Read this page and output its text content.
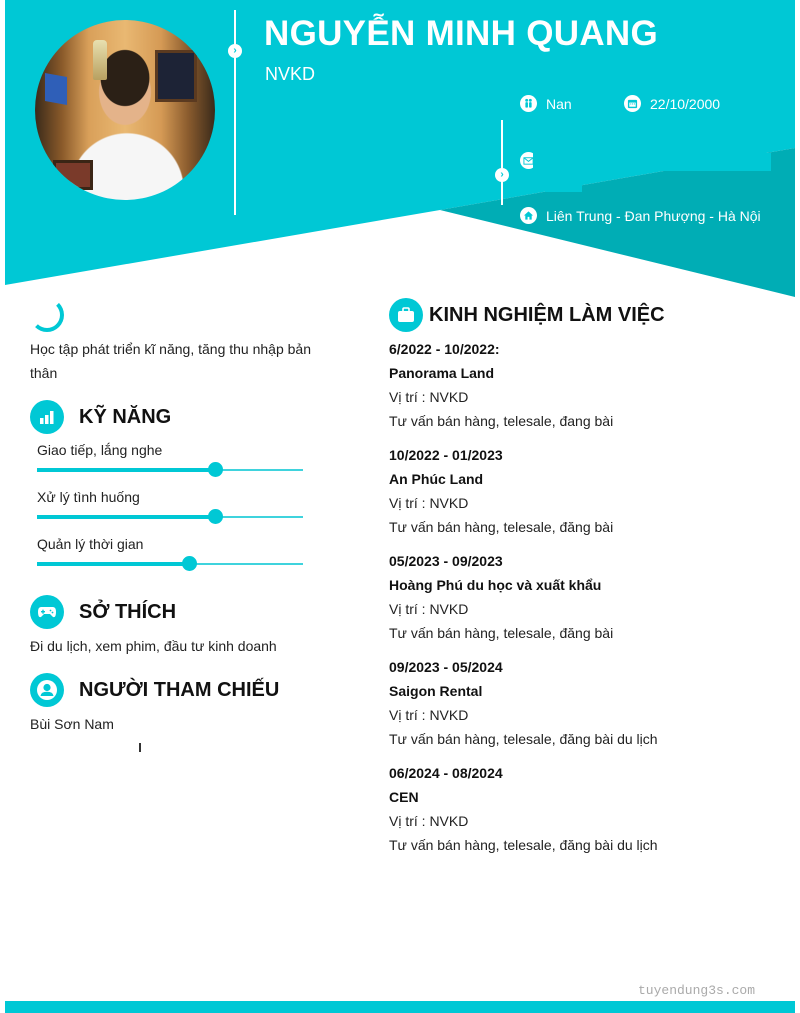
›
›
NGUYỄN MINH QUANG
NVKD
Nan	22/10/2000
Liên Trung - Đan Phượng - Hà Nội
Học tập phát triển kĩ năng, tăng thu nhập bản thân
KỸ NĂNG
Giao tiếp, lắng nghe
Xử lý tình huống
Quản lý thời gian
SỞ THÍCH
Đi du lịch, xem phim, đầu tư kinh doanh
NGƯỜI THAM CHIẾU
Bùi Sơn Nam
KINH NGHIỆM LÀM VIỆC
6/2022 - 10/2022:
Panorama Land
Vị trí : NVKD
Tư vấn bán hàng, telesale, đang bài
10/2022 - 01/2023
An Phúc Land
Vị trí : NVKD
Tư vấn bán hàng, telesale, đăng bài
05/2023 - 09/2023
Hoàng Phú du học và xuất khẩu
Vị trí : NVKD
Tư vấn bán hàng, telesale, đăng bài
09/2023 - 05/2024
Saigon Rental
Vị trí : NVKD
Tư vấn bán hàng, telesale, đăng bài du lịch
06/2024 - 08/2024
CEN
Vị trí : NVKD
Tư vấn bán hàng, telesale, đăng bài du lịch
tuyendung3s.com
